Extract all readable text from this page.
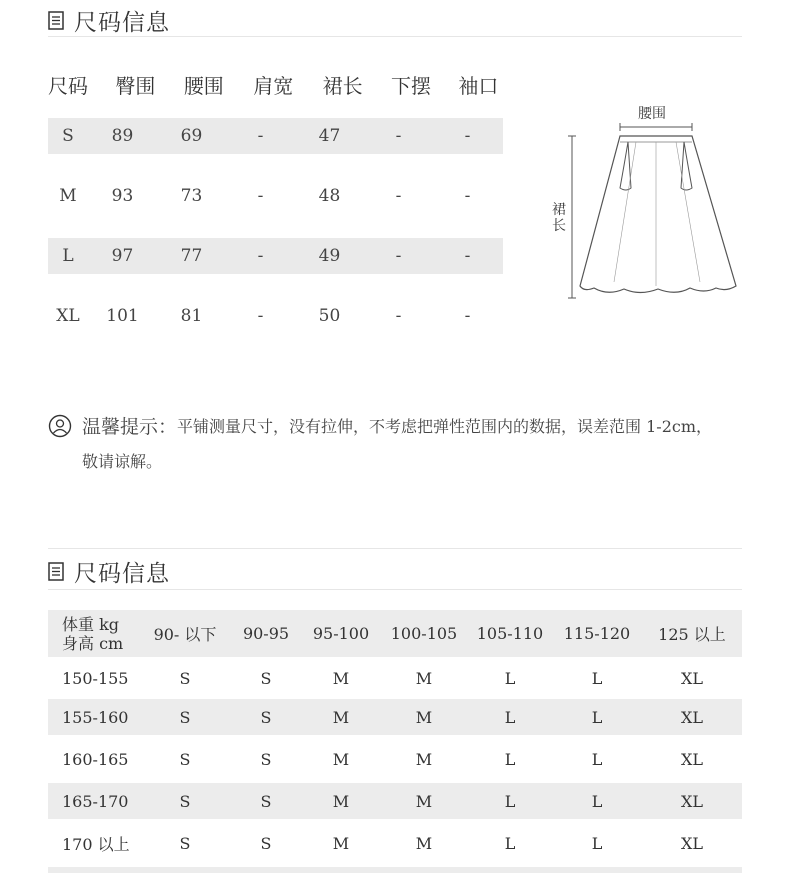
尺码信息
尺码	臀围	腰围	肩宽	裙长	下摆	袖口
S	89	69	-	47	-	-
M	93	73	-	48	-	-
L	97	77	-	49	-	-
XL	101	81	-	50	-	-
腰围
裙
长
温馨提示： 平铺测量尺寸，没有拉伸，不考虑把弹性范围内的数据，误差范围 1-2cm，
敬请谅解。
尺码信息
体重 kg
身高 cm	90- 以下	90-95	95-100	100-105	105-110	115-120	125 以上
150-155	S	S	M	M	L	L	XL
155-160	S	S	M	M	L	L	XL
160-165	S	S	M	M	L	L	XL
165-170	S	S	M	M	L	L	XL
170 以上	S	S	M	M	L	L	XL
